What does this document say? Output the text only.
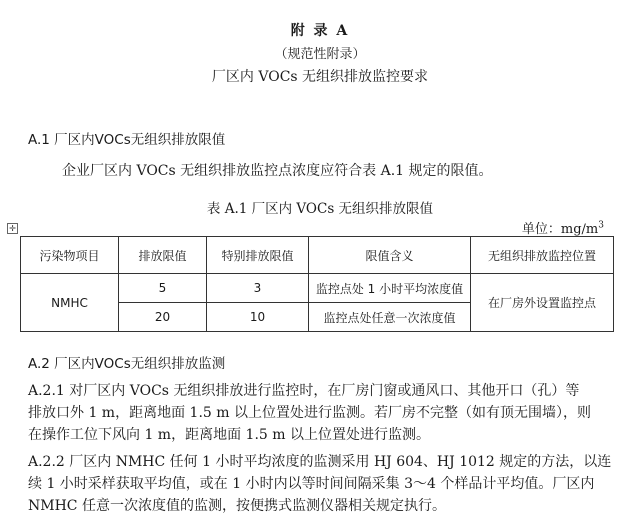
附 录 A
（规范性附录）
厂区内 VOCs 无组织排放监控要求
A.1 厂区内VOCs无组织排放限值
企业厂区内 VOCs 无组织排放监控点浓度应符合表 A.1 规定的限值。
表 A.1 厂区内 VOCs 无组织排放限值
单位：$mg/m^3$
✛
污染物项目	排放限值	特别排放限值	限值含义	无组织排放监控位置
NMHC	5	3	监控点处 1 小时平均浓度值	在厂房外设置监控点
	20	10	监控点处任意一次浓度值	
A.2 厂区内VOCs无组织排放监测
A.2.1 对厂区内 VOCs 无组织排放进行监控时，在厂房门窗或通风口、其他开口（孔）等
排放口外 1 m，距离地面 1.5 m 以上位置处进行监测。若厂房不完整（如有顶无围墙），则
在操作工位下风向 1 m，距离地面 1.5 m 以上位置处进行监测。
A.2.2 厂区内 NMHC 任何 1 小时平均浓度的监测采用 HJ 604、HJ 1012 规定的方法，以连
续 1 小时采样获取平均值，或在 1 小时内以等时间间隔采集 3～4 个样品计平均值。厂区内
NMHC 任意一次浓度值的监测，按便携式监测仪器相关规定执行。
